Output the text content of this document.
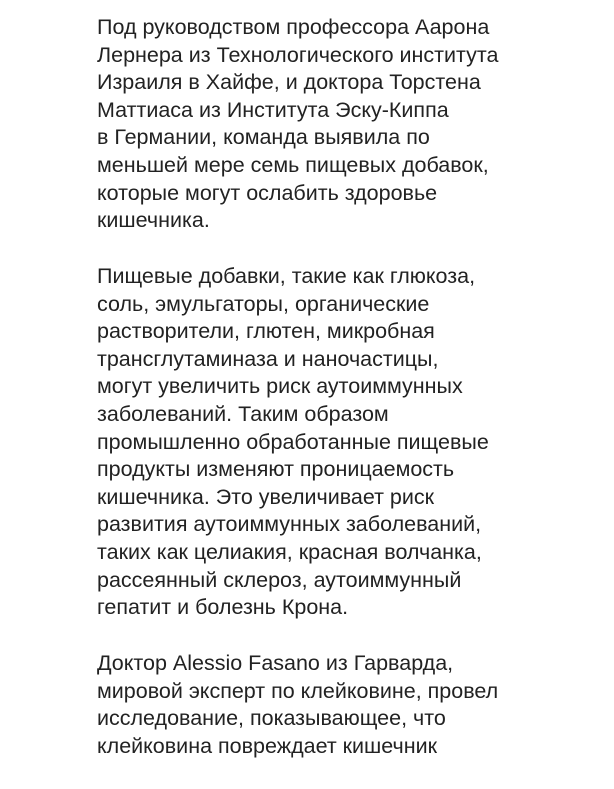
Под руководством профессора Аарона
Лернера из Технологического института
Израиля в Хайфе, и доктора Торстена
Маттиаса из Института Эску-Киппа
в Германии, команда выявила по
меньшей мере семь пищевых добавок,
которые могут ослабить здоровье
кишечника.

Пищевые добавки, такие как глюкоза,
соль, эмульгаторы, органические
растворители, глютен, микробная
трансглутаминаза и наночастицы,
могут увеличить риск аутоиммунных
заболеваний. Таким образом
промышленно обработанные пищевые
продукты изменяют проницаемость
кишечника. Это увеличивает риск
развития аутоиммунных заболеваний,
таких как целиакия, красная волчанка,
рассеянный склероз, аутоиммунный
гепатит и болезнь Крона.

Доктор Alessio Fasano из Гарварда,
мировой эксперт по клейковине, провел
исследование, показывающее, что
клейковина повреждает кишечник
